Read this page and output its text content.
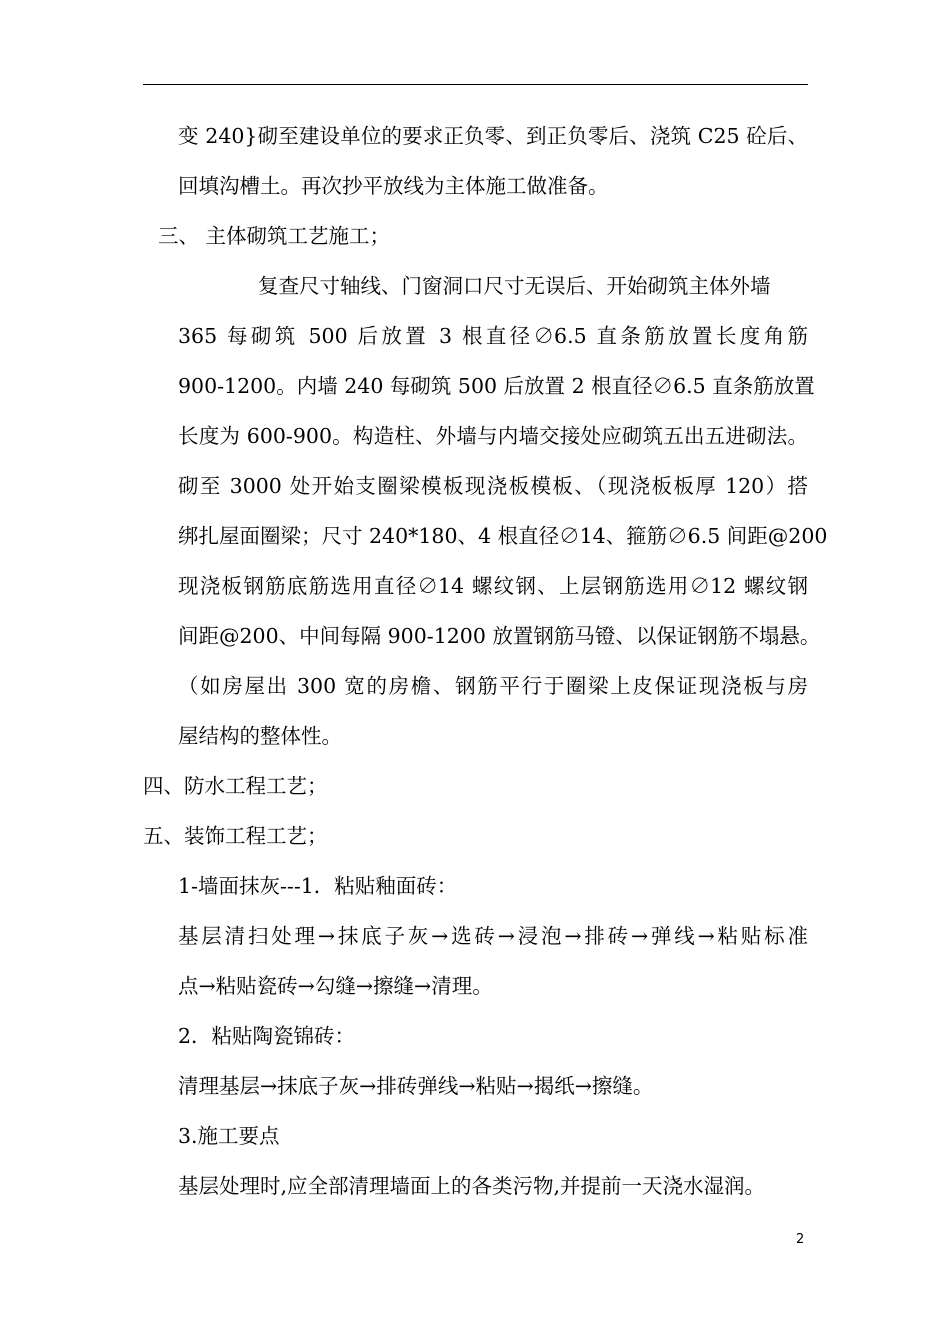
变 240}砌至建设单位的要求正负零、到正负零后、浇筑 C25 砼后、
回填沟槽土。再次抄平放线为主体施工做准备。
三、 主体砌筑工艺施工；
复查尺寸轴线、门窗洞口尺寸无误后、开始砌筑主体外墙
365 每砌筑 500 后放置 3 根直径∅6.5 直条筋放置长度角筋
900-1200。内墙 240 每砌筑 500 后放置 2 根直径∅6.5 直条筋放置
长度为 600-900。构造柱、外墙与内墙交接处应砌筑五出五进砌法。
砌至 3000 处开始支圈梁模板现浇板模板、（现浇板板厚 120）搭
绑扎屋面圈梁；尺寸 240*180、4 根直径∅14、箍筋∅6.5 间距@200
现浇板钢筋底筋选用直径∅14 螺纹钢、上层钢筋选用∅12 螺纹钢
间距@200、中间每隔 900-1200 放置钢筋马镫、以保证钢筋不塌悬。
（如房屋出 300 宽的房檐、钢筋平行于圈梁上皮保证现浇板与房
屋结构的整体性。
四、防水工程工艺；
五、装饰工程工艺；
1-墙面抹灰---1．粘贴釉面砖：
基层清扫处理→抹底子灰→选砖→浸泡→排砖→弹线→粘贴标准
点→粘贴瓷砖→勾缝→擦缝→清理。
2．粘贴陶瓷锦砖：
清理基层→抹底子灰→排砖弹线→粘贴→揭纸→擦缝。
3.施工要点
基层处理时,应全部清理墙面上的各类污物,并提前一天浇水湿润。
2
